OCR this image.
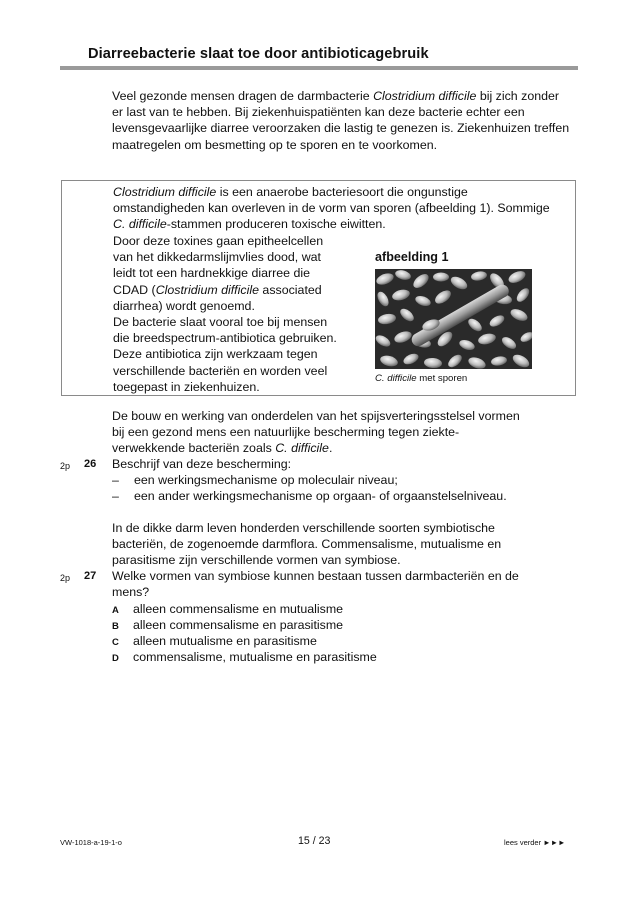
Diarreebacterie slaat toe door antibioticagebruik

Veel gezonde mensen dragen de darmbacterie Clostridium difficile bij zich zonder er last van te hebben. Bij ziekenhuispatiënten kan deze bacterie echter een levensgevaarlijke diarree veroorzaken die lastig te genezen is. Ziekenhuizen treffen maatregelen om besmetting op te sporen en te voorkomen.

Clostridium difficile is een anaerobe bacteriesoort die ongunstige omstandigheden kan overleven in de vorm van sporen (afbeelding 1). Sommige C. difficile-stammen produceren toxische eiwitten.

Door deze toxines gaan epitheelcellen
van het dikkedarmslijmvlies dood, wat
leidt tot een hardnekkige diarree die
CDAD (Clostridium difficile associated
diarrhea) wordt genoemd.
De bacterie slaat vooral toe bij mensen
die breedspectrum-antibiotica gebruiken.
Deze antibiotica zijn werkzaam tegen
verschillende bacteriën en worden veel
toegepast in ziekenhuizen.
afbeelding 1
C. difficile met sporen
De bouw en werking van onderdelen van het spijsverteringsstelsel vormen
bij een gezond mens een natuurlijke bescherming tegen ziekte-
verwekkende bacteriën zoals C. difficile.
2p 26 Beschrijf van deze bescherming:
– een werkingsmechanisme op moleculair niveau;
– een ander werkingsmechanisme op orgaan- of orgaanstelselniveau.
In de dikke darm leven honderden verschillende soorten symbiotische
bacteriën, de zogenoemde darmflora. Commensalisme, mutualisme en
parasitisme zijn verschillende vormen van symbiose.
2p 27 Welke vormen van symbiose kunnen bestaan tussen darmbacteriën en de
mens?
A alleen commensalisme en mutualisme
B alleen commensalisme en parasitisme
C alleen mutualisme en parasitisme
D commensalisme, mutualisme en parasitisme
VW-1018-a-19-1-o	15 / 23	lees verder ►►►
